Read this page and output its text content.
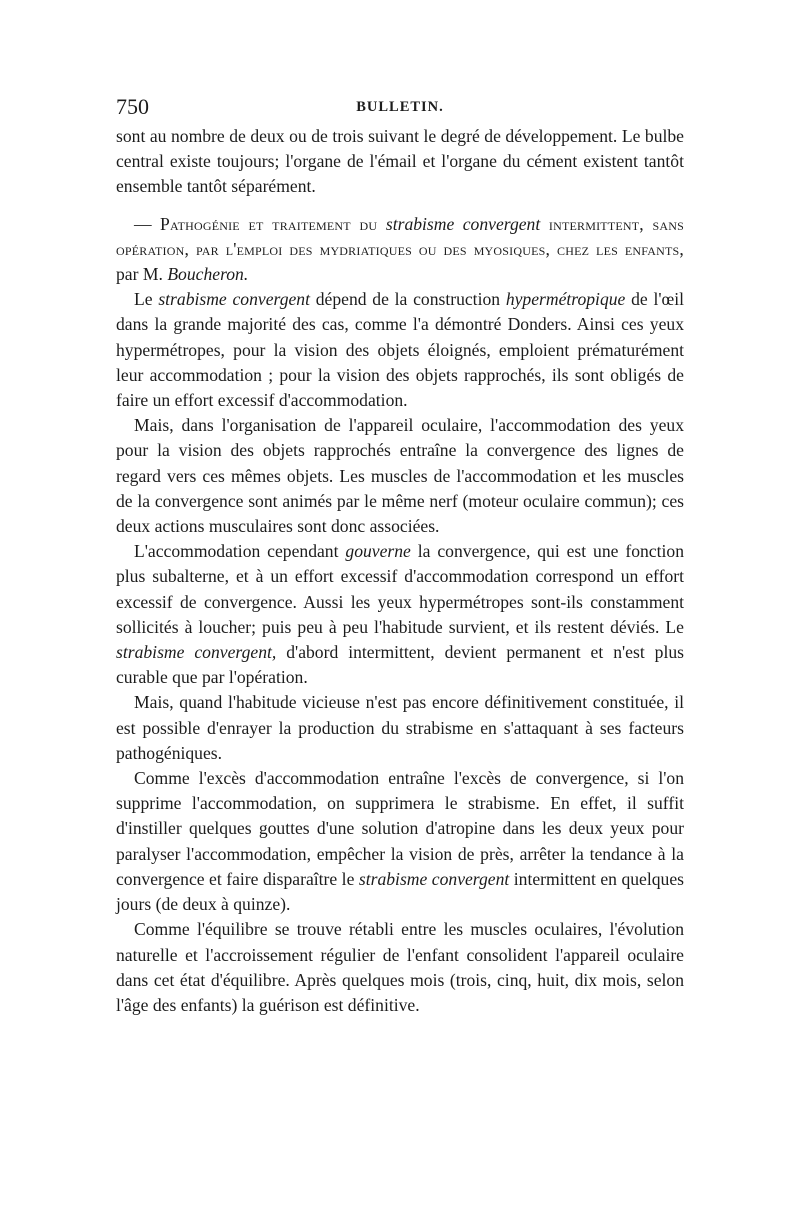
750	BULLETIN.

sont au nombre de deux ou de trois suivant le degré de développement. Le bulbe central existe toujours; l'organe de l'émail et l'organe du cément existent tantôt ensemble tantôt séparément.

— Pathogénie et traitement du strabisme convergent intermittent, sans opération, par l'emploi des mydriatiques ou des myosiques, chez les enfants, par M. Boucheron.

Le strabisme convergent dépend de la construction hypermétropique de l'œil dans la grande majorité des cas, comme l'a démontré Donders. Ainsi ces yeux hypermétropes, pour la vision des objets éloignés, emploient prématurément leur accommodation ; pour la vision des objets rapprochés, ils sont obligés de faire un effort excessif d'accommodation.

Mais, dans l'organisation de l'appareil oculaire, l'accommodation des yeux pour la vision des objets rapprochés entraîne la convergence des lignes de regard vers ces mêmes objets. Les muscles de l'accommodation et les muscles de la convergence sont animés par le même nerf (moteur oculaire commun); ces deux actions musculaires sont donc associées.

L'accommodation cependant gouverne la convergence, qui est une fonction plus subalterne, et à un effort excessif d'accommodation correspond un effort excessif de convergence. Aussi les yeux hypermétropes sont-ils constamment sollicités à loucher; puis peu à peu l'habitude survient, et ils restent déviés. Le strabisme convergent, d'abord intermittent, devient permanent et n'est plus curable que par l'opération.

Mais, quand l'habitude vicieuse n'est pas encore définitivement constituée, il est possible d'enrayer la production du strabisme en s'attaquant à ses facteurs pathogéniques.

Comme l'excès d'accommodation entraîne l'excès de convergence, si l'on supprime l'accommodation, on supprimera le strabisme. En effet, il suffit d'instiller quelques gouttes d'une solution d'atropine dans les deux yeux pour paralyser l'accommodation, empêcher la vision de près, arrêter la tendance à la convergence et faire disparaître le strabisme convergent intermittent en quelques jours (de deux à quinze).

Comme l'équilibre se trouve rétabli entre les muscles oculaires, l'évolution naturelle et l'accroissement régulier de l'enfant consolident l'appareil oculaire dans cet état d'équilibre. Après quelques mois (trois, cinq, huit, dix mois, selon l'âge des enfants) la guérison est définitive.
